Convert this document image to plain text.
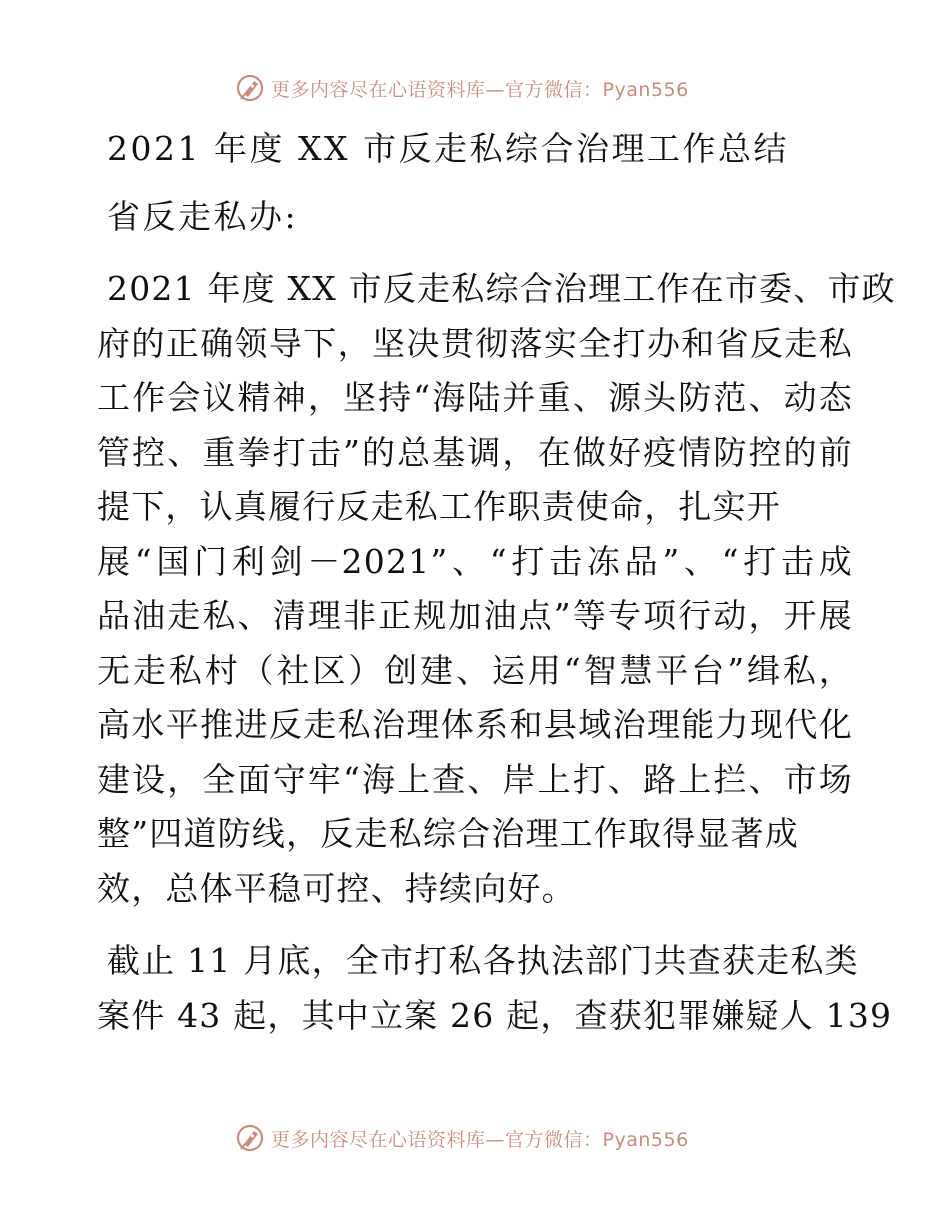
更多内容尽在心语资料库—官方微信：Pyan556
2021 年度 XX 市反走私综合治理工作总结

省反走私办:

2021 年度 XX 市反走私综合治理工作在市委、市政
府的正确领导下，坚决贯彻落实全打办和省反走私
工作会议精神，坚持“海陆并重、源头防范、动态
管控、重拳打击”的总基调，在做好疫情防控的前
提下，认真履行反走私工作职责使命，扎实开
展“国门利剑－2021”、“打击冻品”、“打击成
品油走私、清理非正规加油点”等专项行动，开展
无走私村（社区）创建、运用“智慧平台”缉私，
高水平推进反走私治理体系和县域治理能力现代化
建设，全面守牢“海上查、岸上打、路上拦、市场
整”四道防线，反走私综合治理工作取得显著成
效，总体平稳可控、持续向好。

截止 11 月底，全市打私各执法部门共查获走私类
案件 43 起，其中立案 26 起，查获犯罪嫌疑人 139

更多内容尽在心语资料库—官方微信：Pyan556
